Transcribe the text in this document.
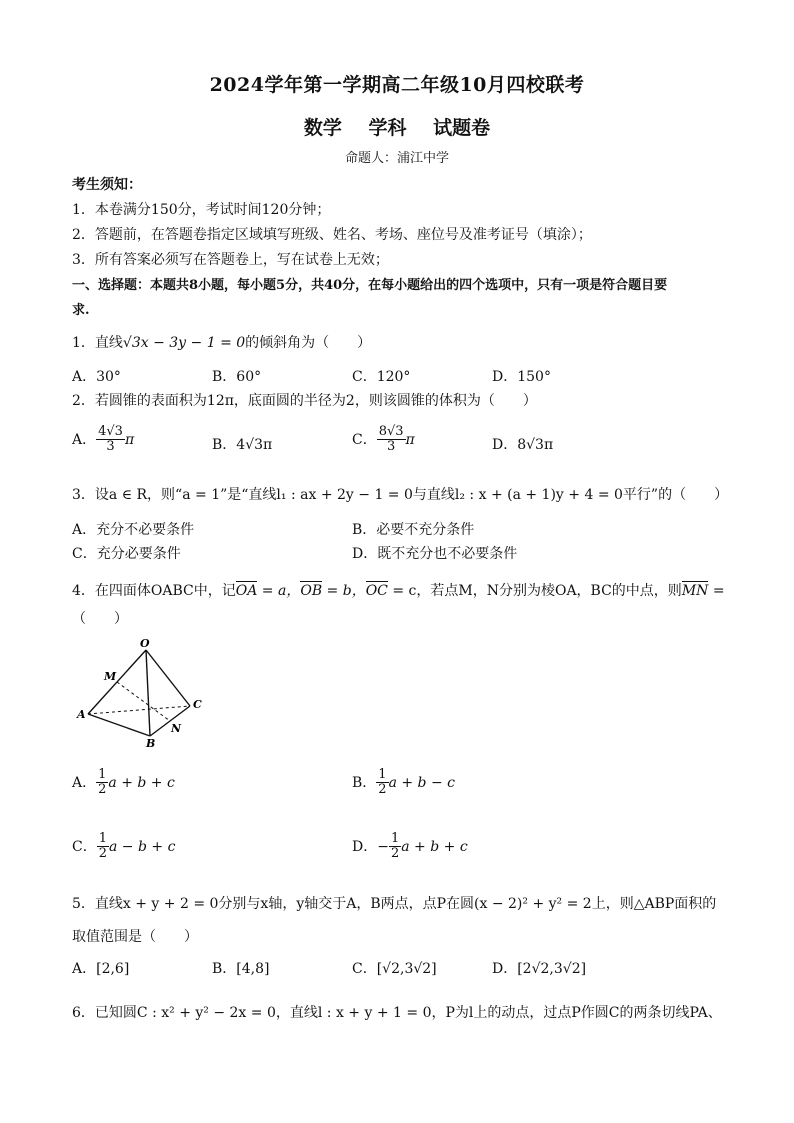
2024学年第一学期高二年级10月四校联考
数学 学科 试题卷
命题人：浦江中学
考生须知：
1．本卷满分150分，考试时间120分钟；
2．答题前，在答题卷指定区域填写班级、姓名、考场、座位号及准考证号（填涂）；
3．所有答案必须写在答题卷上，写在试卷上无效；
一、选择题：本题共8小题，每小题5分，共40分，在每小题给出的四个选项中，只有一项是符合题目要
求.
1．直线√3x − 3y − 1 = 0的倾斜角为（　　）
A．30°	B．60°	C．120°	D．150°
2．若圆锥的表面积为12π，底面圆的半径为2，则该圆锥的体积为（　　）
A． $\frac{4√3}{3}$ π	B．4√3π	C． $\frac{8√3}{3}$ π	D．8√3π
3．设a ∈ R，则“a = 1”是“直线l₁ : ax + 2y − 1 = 0与直线l₂ : x + (a + 1)y + 4 = 0平行”的（　　）
A．充分不必要条件	B．必要不充分条件
C．充分必要条件	D．既不充分也不必要条件
4．在四面体OABC中，记OA = a，OB = b，OC = c，若点M，N分别为棱OA，BC的中点，则MN =
（　　）
O
M
A
C
N
B
A． $\frac{1}{2}$ a + b + c	B． $\frac{1}{2}$ a + b − c
C． $\frac{1}{2}$ a − b + c	D．− $\frac{1}{2}$ a + b + c
5．直线x + y + 2 = 0分别与x轴，y轴交于A，B两点，点P在圆(x − 2)² + y² = 2上，则△ABP面积的
取值范围是（　　）
A．[2,6]	B．[4,8]	C．[√2,3√2]	D．[2√2,3√2]
6．已知圆C : x² + y² − 2x = 0，直线l : x + y + 1 = 0，P为l上的动点，过点P作圆C的两条切线PA、
